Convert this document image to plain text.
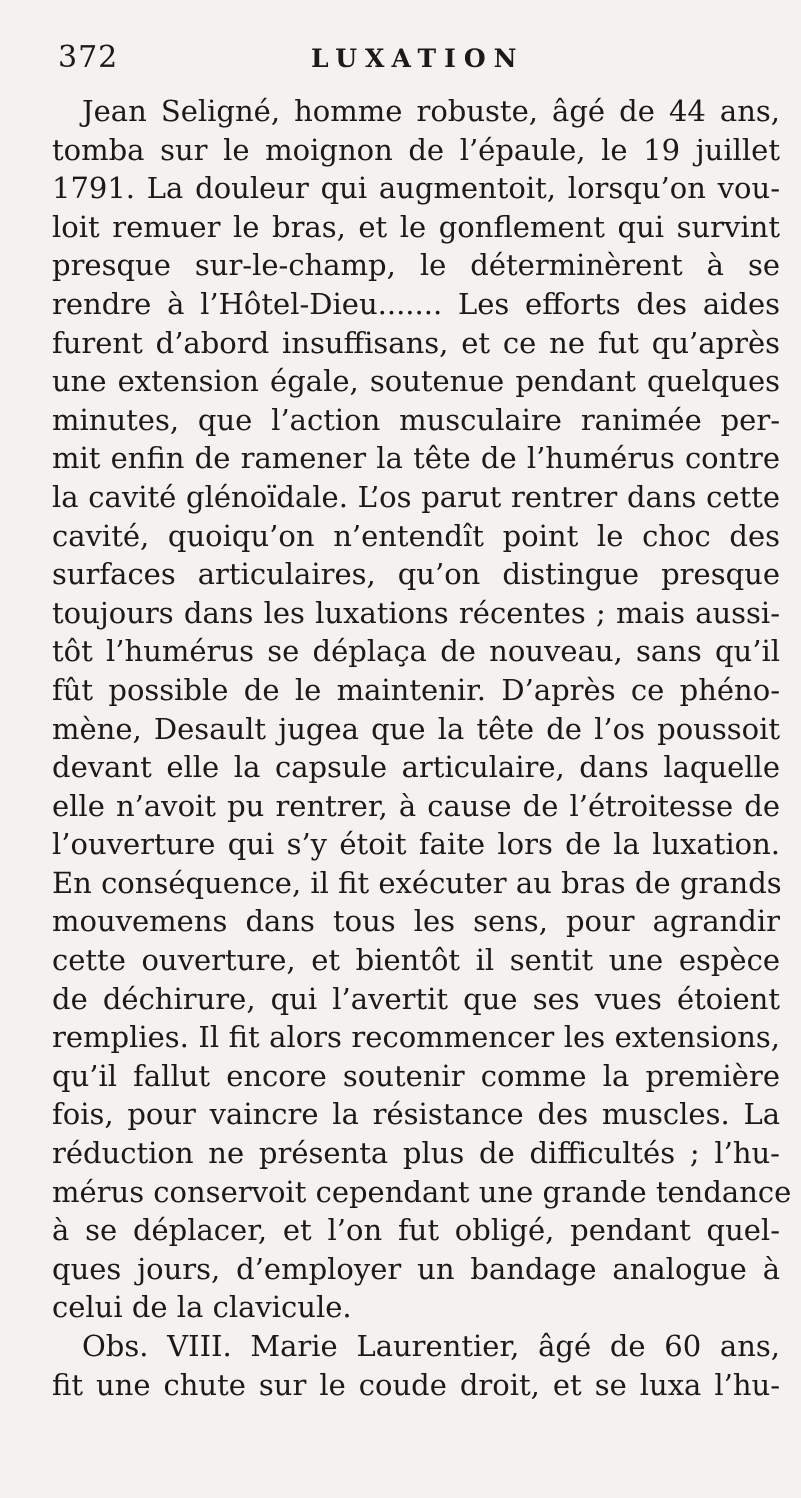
372	LUXATION
Jean Seligné, homme robuste, âgé de 44 ans,
tomba sur le moignon de l’épaule, le 19 juillet
1791. La douleur qui augmentoit, lorsqu’on vou-
loit remuer le bras, et le gonflement qui survint
presque sur-le-champ, le déterminèrent à se
rendre à l’Hôtel-Dieu....... Les efforts des aides
furent d’abord insuffisans, et ce ne fut qu’après
une extension égale, soutenue pendant quelques
minutes, que l’action musculaire ranimée per-
mit enfin de ramener la tête de l’humérus contre
la cavité glénoïdale. L’os parut rentrer dans cette
cavité, quoiqu’on n’entendît point le choc des
surfaces articulaires, qu’on distingue presque
toujours dans les luxations récentes ; mais aussi-
tôt l’humérus se déplaça de nouveau, sans qu’il
fût possible de le maintenir. D’après ce phéno-
mène, Desault jugea que la tête de l’os poussoit
devant elle la capsule articulaire, dans laquelle
elle n’avoit pu rentrer, à cause de l’étroitesse de
l’ouverture qui s’y étoit faite lors de la luxation.
En conséquence, il fit exécuter au bras de grands
mouvemens dans tous les sens, pour agrandir
cette ouverture, et bientôt il sentit une espèce
de déchirure, qui l’avertit que ses vues étoient
remplies. Il fit alors recommencer les extensions,
qu’il fallut encore soutenir comme la première
fois, pour vaincre la résistance des muscles. La
réduction ne présenta plus de difficultés ; l’hu-
mérus conservoit cependant une grande tendance
à se déplacer, et l’on fut obligé, pendant quel-
ques jours, d’employer un bandage analogue à
celui de la clavicule.
Obs. VIII. Marie Laurentier, âgé de 60 ans,
fit une chute sur le coude droit, et se luxa l’hu-
